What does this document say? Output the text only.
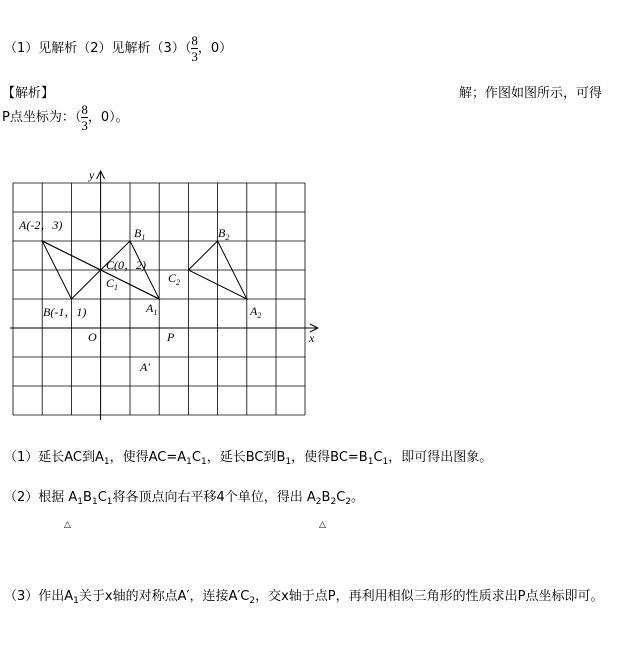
（1）见解析（2）见解析$(3)( \frac{8}{3}$ ，0）
【解析】	解；作图如图所示，可得
P点坐标为：（ $\frac{8}{3}$ ，0）。
y
x
O
A(-2，3)
B(-1，1)
C(0，2)
$C_1$
$B_1$
$A_1$
$B_2$
$C_2$
$A_2$
P
A′
（1）延长AC到$A_1$，使得$AC=A_1C_1$，延长BC到$B_1$，使得$BC=B_1C_1$，即可得出图象。
（2）根据 $A_1B_1C_1$将各顶点向右平移4个单位，得出 $A_2B_2C_2$。
△	△
（3）作出$A_1$关于x轴的对称点A′，连接$A'C_2$，交x轴于点P，再利用相似三角形的性质求出P点坐标即可。
